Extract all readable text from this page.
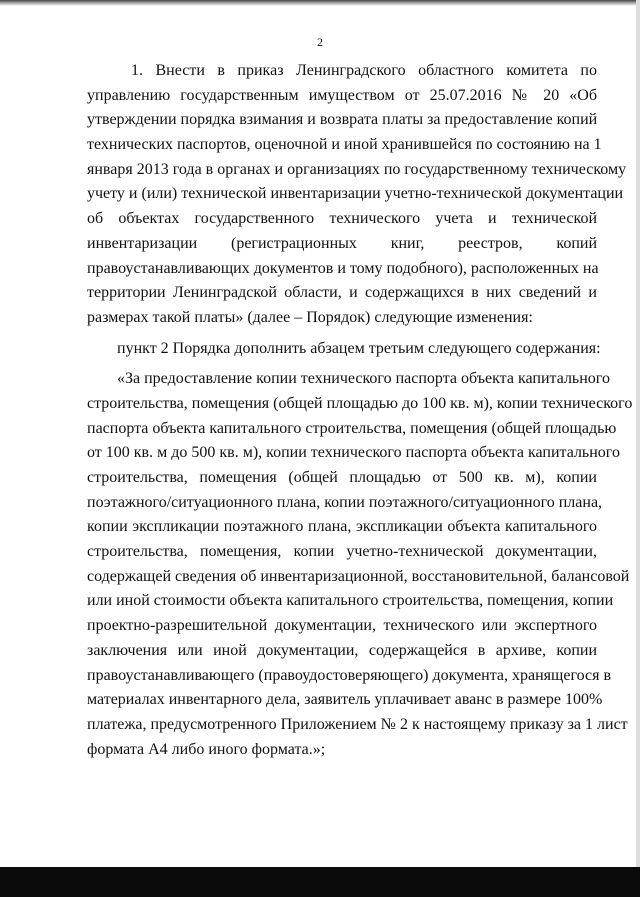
2
1. Внести в приказ Ленинградского областного комитета по
управлению государственным имуществом от 25.07.2016 № 20 «Об
утверждении порядка взимания и возврата платы за предоставление копий
технических паспортов, оценочной и иной хранившейся по состоянию на 1
января 2013 года в органах и организациях по государственному техническому
учету и (или) технической инвентаризации учетно-технической документации
об объектах государственного технического учета и технической
инвентаризации (регистрационных книг, реестров, копий
правоустанавливающих документов и тому подобного), расположенных на
территории Ленинградской области, и содержащихся в них сведений и
размерах такой платы» (далее – Порядок) следующие изменения:
пункт 2 Порядка дополнить абзацем третьим следующего содержания:
«За предоставление копии технического паспорта объекта капитального
строительства, помещения (общей площадью до 100 кв. м), копии технического
паспорта объекта капитального строительства, помещения (общей площадью
от 100 кв. м до 500 кв. м), копии технического паспорта объекта капитального
строительства, помещения (общей площадью от 500 кв. м), копии
поэтажного/ситуационного плана, копии поэтажного/ситуационного плана,
копии экспликации поэтажного плана, экспликации объекта капитального
строительства, помещения, копии учетно-технической документации,
содержащей сведения об инвентаризационной, восстановительной, балансовой
или иной стоимости объекта капитального строительства, помещения, копии
проектно-разрешительной документации, технического или экспертного
заключения или иной документации, содержащейся в архиве, копии
правоустанавливающего (правоудостоверяющего) документа, хранящегося в
материалах инвентарного дела, заявитель уплачивает аванс в размере 100%
платежа, предусмотренного Приложением № 2 к настоящему приказу за 1 лист
формата А4 либо иного формата.»;
